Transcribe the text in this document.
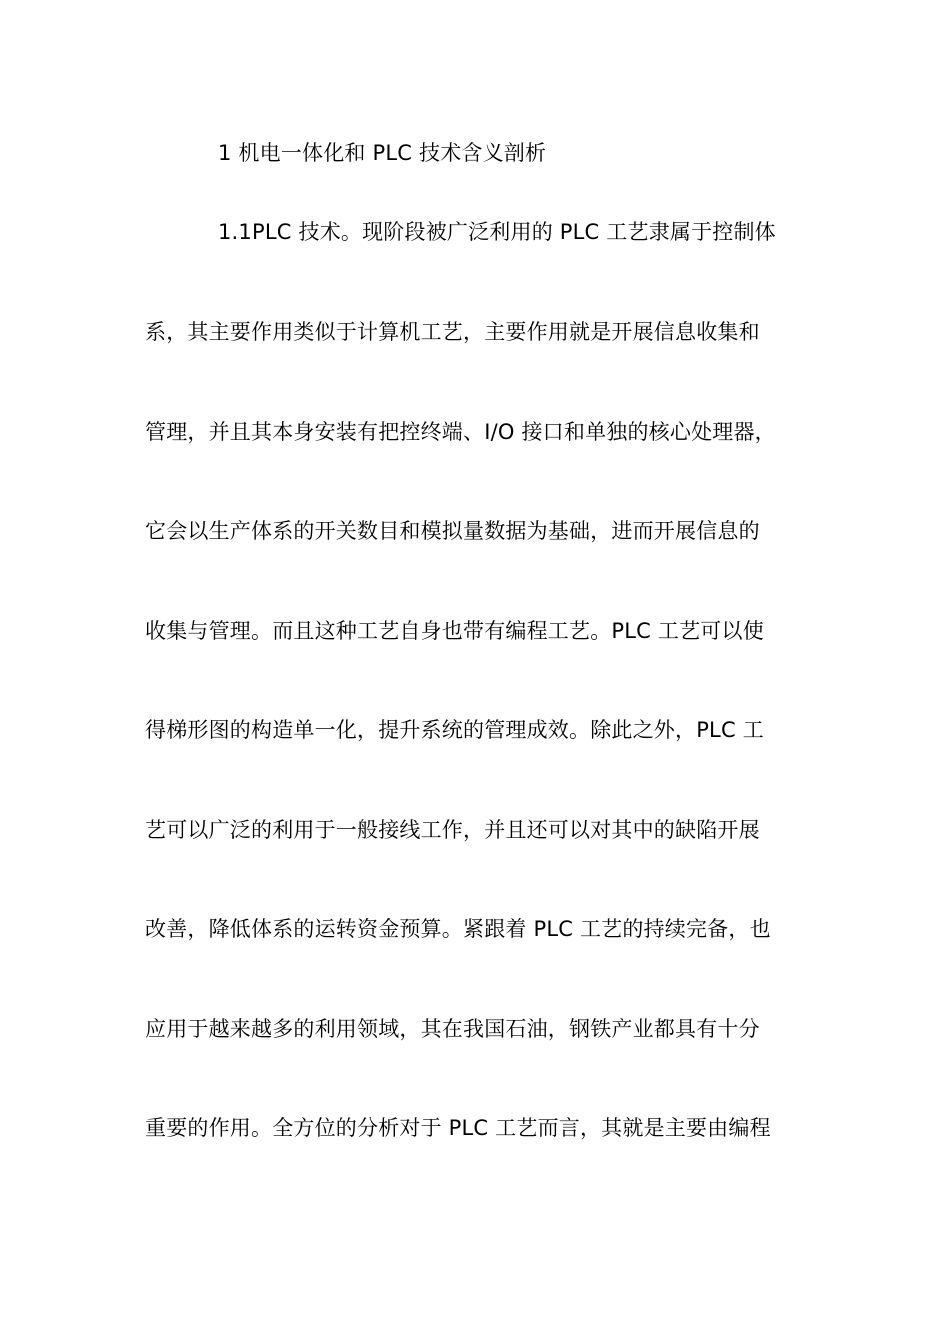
1 机电一体化和 PLC 技术含义剖析
1.1PLC 技术。现阶段被广泛利用的 PLC 工艺隶属于控制体
系，其主要作用类似于计算机工艺，主要作用就是开展信息收集和
管理，并且其本身安装有把控终端、I/O 接口和单独的核心处理器，
它会以生产体系的开关数目和模拟量数据为基础，进而开展信息的
收集与管理。而且这种工艺自身也带有编程工艺。PLC 工艺可以使
得梯形图的构造单一化，提升系统的管理成效。除此之外，PLC 工
艺可以广泛的利用于一般接线工作，并且还可以对其中的缺陷开展
改善，降低体系的运转资金预算。紧跟着 PLC 工艺的持续完备，也
应用于越来越多的利用领域，其在我国石油，钢铁产业都具有十分
重要的作用。全方位的分析对于 PLC 工艺而言，其就是主要由编程
